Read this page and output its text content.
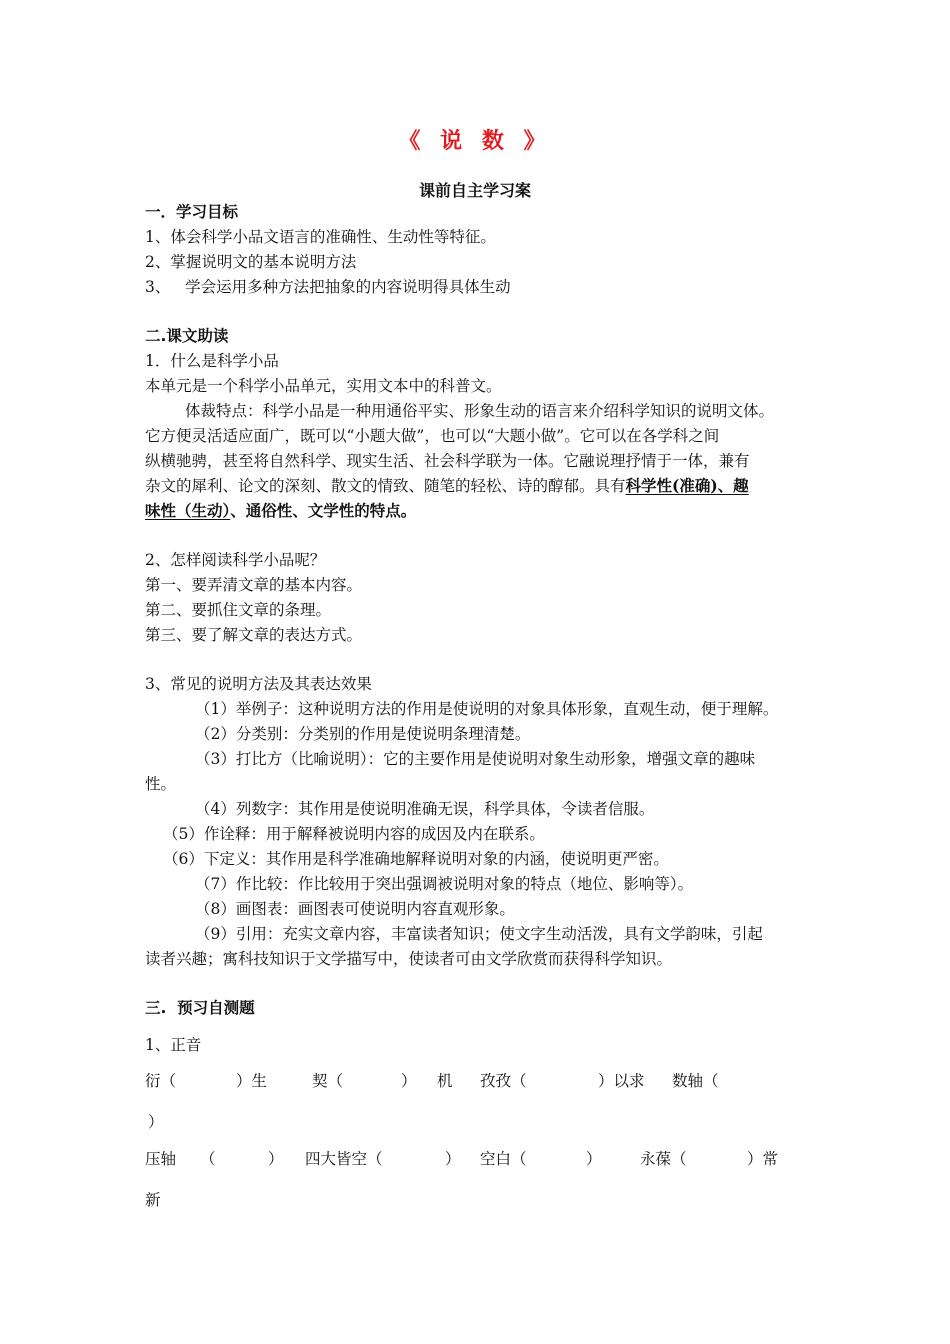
《 说 数 》
课前自主学习案
一．学习目标
1、体会科学小品文语言的准确性、生动性等特征。
2、掌握说明文的基本说明方法
3、   学会运用多种方法把抽象的内容说明得具体生动
二.课文助读
1．什么是科学小品
本单元是一个科学小品单元，实用文本中的科普文。
体裁特点：科学小品是一种用通俗平实、形象生动的语言来介绍科学知识的说明文体。
它方便灵活适应面广，既可以“小题大做”，也可以“大题小做”。它可以在各学科之间
纵横驰骋，甚至将自然科学、现实生活、社会科学联为一体。它融说理抒情于一体，兼有
杂文的犀利、论文的深刻、散文的情致、随笔的轻松、诗的醇郁。具有科学性(准确)、趣
味性（生动）、通俗性、文学性的特点。
2、怎样阅读科学小品呢？
第一、要弄清文章的基本内容。
第二、要抓住文章的条理。
第三、要了解文章的表达方式。
3、常见的说明方法及其表达效果
（1）举例子：这种说明方法的作用是使说明的对象具体形象，直观生动，便于理解。
（2）分类别：分类别的作用是使说明条理清楚。
（3）打比方（比喻说明）：它的主要作用是使说明对象生动形象，增强文章的趣味
性。
（4）列数字：其作用是使说明准确无误，科学具体，令读者信服。
（5）作诠释：用于解释被说明内容的成因及内在联系。
（6）下定义：其作用是科学准确地解释说明对象的内涵，使说明更严密。
（7）作比较：作比较用于突出强调被说明对象的特点（地位、影响等）。
（8）画图表：画图表可使说明内容直观形象。
（9）引用：充实文章内容，丰富读者知识；使文字生动活泼，具有文学韵味，引起
读者兴趣；寓科技知识于文学描写中，使读者可由文学欣赏而获得科学知识。
三.  预习自测题
1、正音
衍（	）生	契（	） 机 孜孜（	）以求 数轴（
）
压轴 （	） 四大皆空（	） 空白（	） 永葆（	）常
新
